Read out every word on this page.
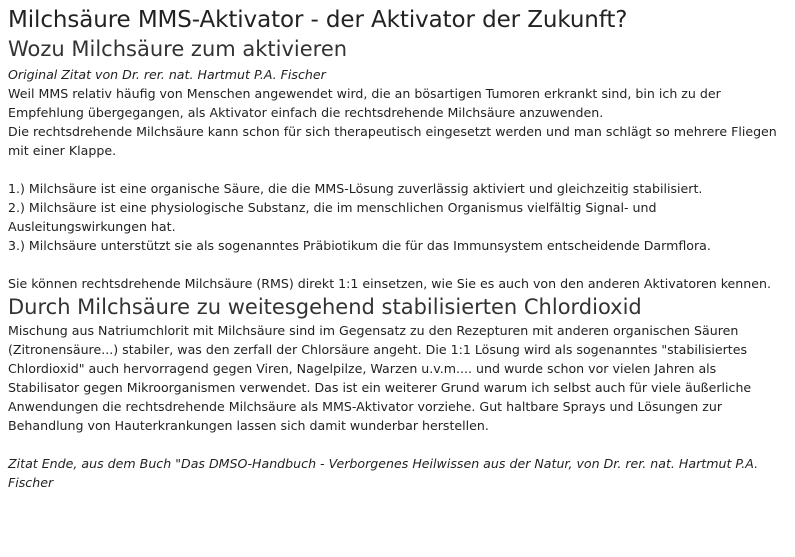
Milchsäure MMS-Aktivator - der Aktivator der Zukunft?
Wozu Milchsäure zum aktivieren

Original Zitat von Dr. rer. nat. Hartmut P.A. Fischer

Weil MMS relativ häufig von Menschen angewendet wird, die an bösartigen Tumoren erkrankt sind, bin ich zu der Empfehlung übergegangen, als Aktivator einfach die rechtsdrehende Milchsäure anzuwenden.

Die rechtsdrehende Milchsäure kann schon für sich therapeutisch eingesetzt werden und man schlägt so mehrere Fliegen mit einer Klappe.

1.) Milchsäure ist eine organische Säure, die die MMS-Lösung zuverlässig aktiviert und gleichzeitig stabilisiert.

2.) Milchsäure ist eine physiologische Substanz, die im menschlichen Organismus vielfältig Signal- und Ausleitungswirkungen hat.

3.) Milchsäure unterstützt sie als sogenanntes Präbiotikum die für das Immunsystem entscheidende Darmflora.

Sie können rechtsdrehende Milchsäure (RMS) direkt 1:1 einsetzen, wie Sie es auch von den anderen Aktivatoren kennen.

Durch Milchsäure zu weitesgehend stabilisierten Chlordioxid

Mischung aus Natriumchlorit mit Milchsäure sind im Gegensatz zu den Rezepturen mit anderen organischen Säuren (Zitronensäure...) stabiler, was den zerfall der Chlorsäure angeht. Die 1:1 Lösung wird als sogenanntes "stabilisiertes Chlordioxid" auch hervorragend gegen Viren, Nagelpilze, Warzen u.v.m.... und wurde schon vor vielen Jahren als Stabilisator gegen Mikroorganismen verwendet. Das ist ein weiterer Grund warum ich selbst auch für viele äußerliche Anwendungen die rechtsdrehende Milchsäure als MMS-Aktivator vorziehe. Gut haltbare Sprays und Lösungen zur Behandlung von Hauterkrankungen lassen sich damit wunderbar herstellen.

Zitat Ende, aus dem Buch "Das DMSO-Handbuch - Verborgenes Heilwissen aus der Natur, von Dr. rer. nat. Hartmut P.A. Fischer
